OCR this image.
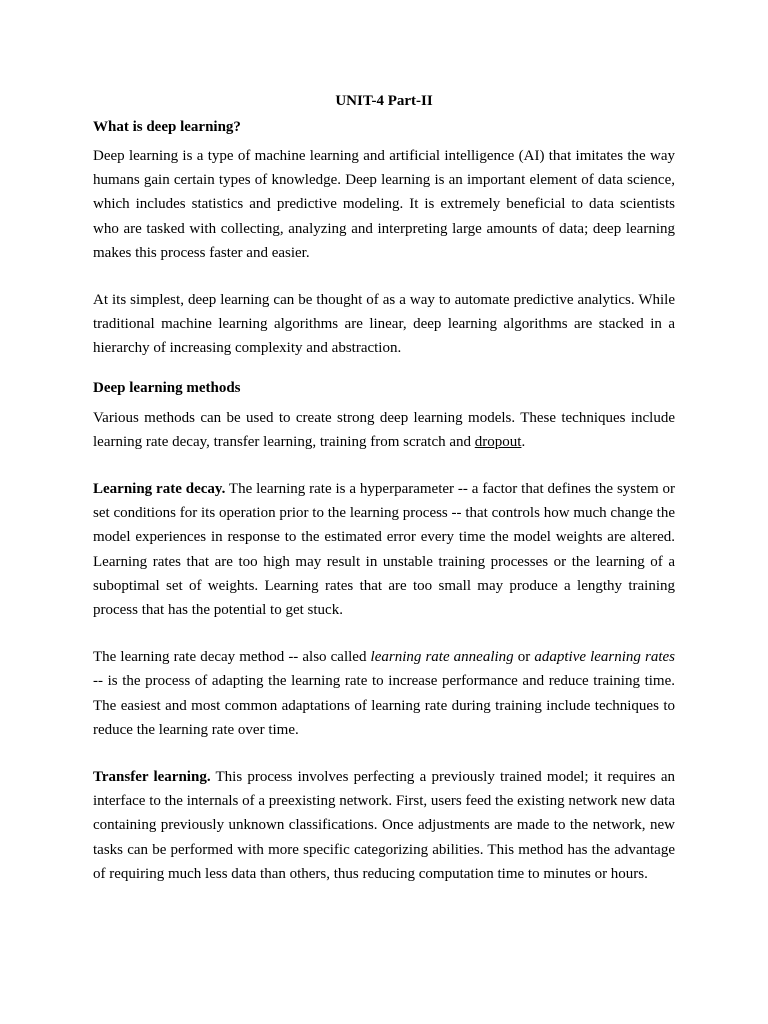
UNIT-4 Part-II
What is deep learning?

Deep learning is a type of machine learning and artificial intelligence (AI) that imitates the way humans gain certain types of knowledge. Deep learning is an important element of data science, which includes statistics and predictive modeling. It is extremely beneficial to data scientists who are tasked with collecting, analyzing and interpreting large amounts of data; deep learning makes this process faster and easier.

At its simplest, deep learning can be thought of as a way to automate predictive analytics. While traditional machine learning algorithms are linear, deep learning algorithms are stacked in a hierarchy of increasing complexity and abstraction.

Deep learning methods

Various methods can be used to create strong deep learning models. These techniques include learning rate decay, transfer learning, training from scratch and dropout.

Learning rate decay. The learning rate is a hyperparameter -- a factor that defines the system or set conditions for its operation prior to the learning process -- that controls how much change the model experiences in response to the estimated error every time the model weights are altered. Learning rates that are too high may result in unstable training processes or the learning of a suboptimal set of weights. Learning rates that are too small may produce a lengthy training process that has the potential to get stuck.

The learning rate decay method -- also called learning rate annealing or adaptive learning rates -- is the process of adapting the learning rate to increase performance and reduce training time. The easiest and most common adaptations of learning rate during training include techniques to reduce the learning rate over time.

Transfer learning. This process involves perfecting a previously trained model; it requires an interface to the internals of a preexisting network. First, users feed the existing network new data containing previously unknown classifications. Once adjustments are made to the network, new tasks can be performed with more specific categorizing abilities. This method has the advantage of requiring much less data than others, thus reducing computation time to minutes or hours.
